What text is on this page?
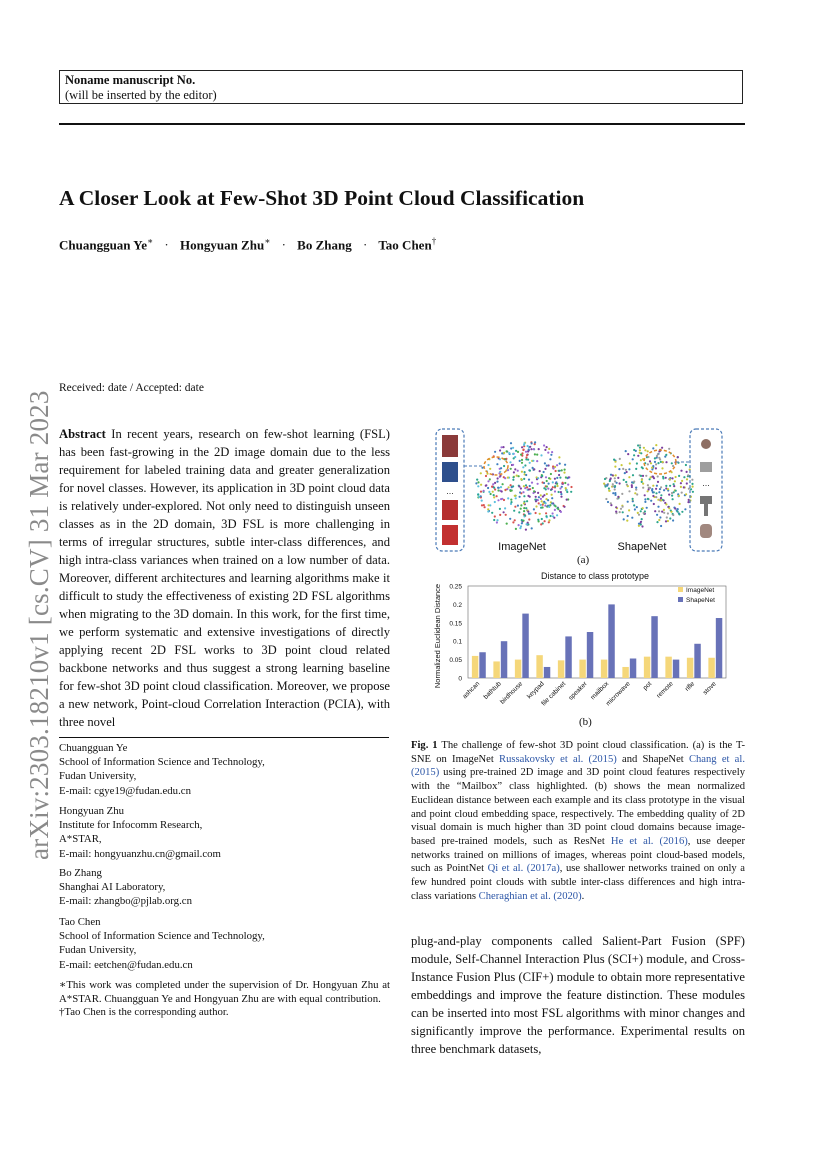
Noname manuscript No.
(will be inserted by the editor)
arXiv:2303.18210v1 [cs.CV] 31 Mar 2023
A Closer Look at Few-Shot 3D Point Cloud Classification
Chuangguan Ye∗ · Hongyuan Zhu∗ · Bo Zhang · Tao Chen†
Received: date / Accepted: date
Abstract In recent years, research on few-shot learning (FSL) has been fast-growing in the 2D image domain due to the less requirement for labeled training data and greater generalization for novel classes. However, its application in 3D point cloud data is relatively under-explored. Not only need to distinguish unseen classes as in the 2D domain, 3D FSL is more challenging in terms of irregular structures, subtle inter-class differences, and high intra-class variances when trained on a low number of data. Moreover, different architectures and learning algorithms make it difficult to study the effectiveness of existing 2D FSL algorithms when migrating to the 3D domain. In this work, for the first time, we perform systematic and extensive investigations of directly applying recent 2D FSL works to 3D point cloud related backbone networks and thus suggest a strong learning baseline for few-shot 3D point cloud classification. Moreover, we propose a new network, Point-cloud Correlation Interaction (PCIA), with three novel
Chuangguan Ye
School of Information Science and Technology,
Fudan University,
E-mail: cgye19@fudan.edu.cn
Hongyuan Zhu
Institute for Infocomm Research,
A*STAR,
E-mail: hongyuanzhu.cn@gmail.com
Bo Zhang
Shanghai AI Laboratory,
E-mail: zhangbo@pjlab.org.cn
Tao Chen
School of Information Science and Technology,
Fudan University,
E-mail: eetchen@fudan.edu.cn
∗This work was completed under the supervision of Dr. Hongyuan Zhu at A*STAR. Chuangguan Ye and Hongyuan Zhu are with equal contribution.
†Tao Chen is the corresponding author.
...
ImageNet	ShapeNet
...
(a)
Distance to class prototype
Normalized Euclidean Distance	0
0.05
0.1
0.15
0.2
0.25
ashcan bathtub
birdhouse keypad
file cabinet speaker mailbox
microwave pot remote rifle stove
ImageNet
ShapeNet
(b)
Fig. 1 The challenge of few-shot 3D point cloud classification. (a) is the T-SNE on ImageNet Russakovsky et al. (2015) and ShapeNet Chang et al. (2015) using pre-trained 2D image and 3D point cloud features respectively with the “Mailbox” class highlighted. (b) shows the mean normalized Euclidean distance between each example and its class prototype in the visual and point cloud embedding space, respectively. The embedding quality of 2D visual domain is much higher than 3D point cloud domains because image-based pre-trained models, such as ResNet He et al. (2016), use deeper networks trained on millions of images, whereas point cloud-based models, such as PointNet Qi et al. (2017a), use shallower networks trained on only a few hundred point clouds with subtle inter-class differences and high intra-class variations Cheraghian et al. (2020).
plug-and-play components called Salient-Part Fusion (SPF) module, Self-Channel Interaction Plus (SCI+) module, and Cross-Instance Fusion Plus (CIF+) module to obtain more representative embeddings and improve the feature distinction. These modules can be inserted into most FSL algorithms with minor changes and significantly improve the performance. Experimental results on three benchmark datasets,
